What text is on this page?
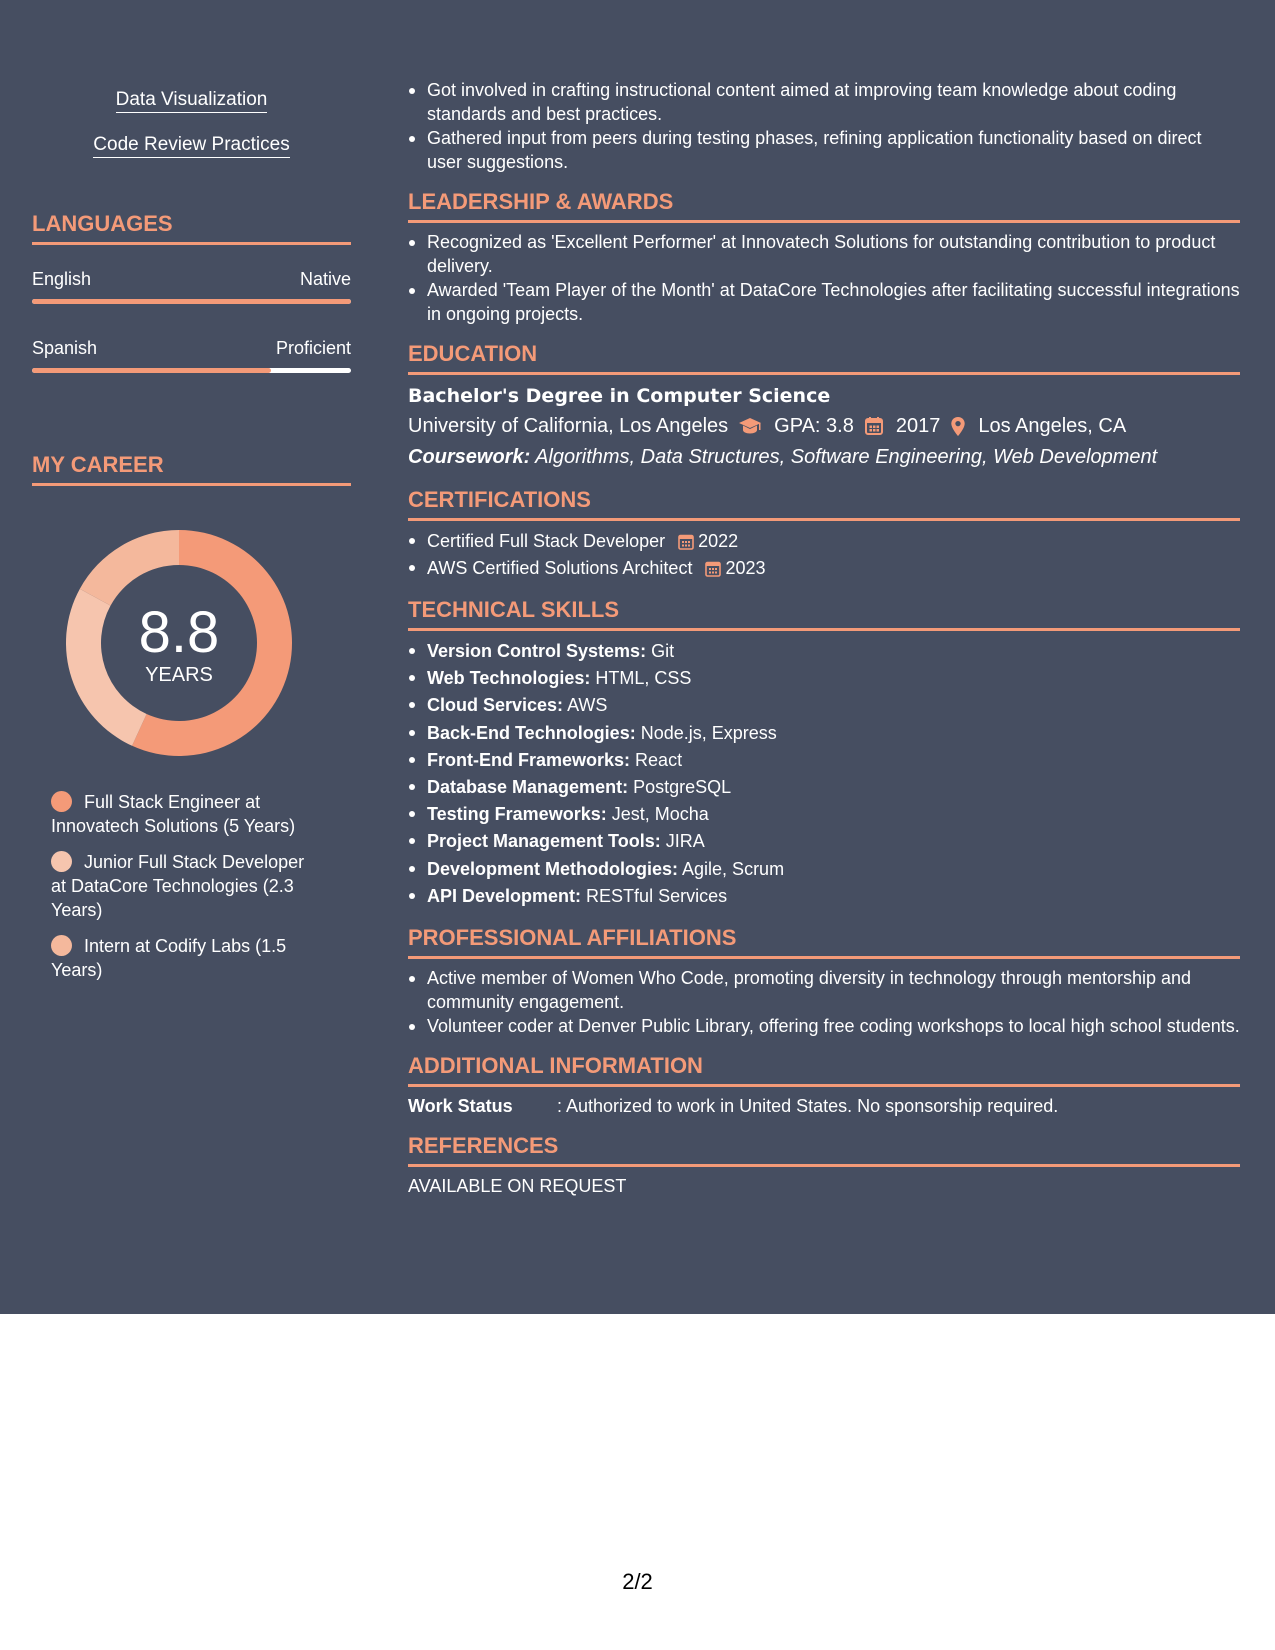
Data Visualization
Code Review Practices
LANGUAGES
English	Native
Spanish	Proficient
MY CAREER
8.8
YEARS
Full Stack Engineer at Innovatech Solutions (5 Years)
Junior Full Stack Developer at DataCore Technologies (2.3 Years)
Intern at Codify Labs (1.5 Years)
Got involved in crafting instructional content aimed at improving team knowledge about coding standards and best practices.
Gathered input from peers during testing phases, refining application functionality based on direct user suggestions.
LEADERSHIP & AWARDS
Recognized as 'Excellent Performer' at Innovatech Solutions for outstanding contribution to product delivery.
Awarded 'Team Player of the Month' at DataCore Technologies after facilitating successful integrations in ongoing projects.
EDUCATION
Bachelor's Degree in Computer Science
University of California, Los Angeles GPA: 3.8 2017 Los Angeles, CA
Coursework: Algorithms, Data Structures, Software Engineering, Web Development
CERTIFICATIONS
Certified Full Stack Developer 2022
AWS Certified Solutions Architect 2023
TECHNICAL SKILLS
Version Control Systems: Git
Web Technologies: HTML, CSS
Cloud Services: AWS
Back-End Technologies: Node.js, Express
Front-End Frameworks: React
Database Management: PostgreSQL
Testing Frameworks: Jest, Mocha
Project Management Tools: JIRA
Development Methodologies: Agile, Scrum
API Development: RESTful Services
PROFESSIONAL AFFILIATIONS
Active member of Women Who Code, promoting diversity in technology through mentorship and community engagement.
Volunteer coder at Denver Public Library, offering free coding workshops to local high school students.
ADDITIONAL INFORMATION
Work Status	: Authorized to work in United States. No sponsorship required.
REFERENCES
AVAILABLE ON REQUEST
2/2
